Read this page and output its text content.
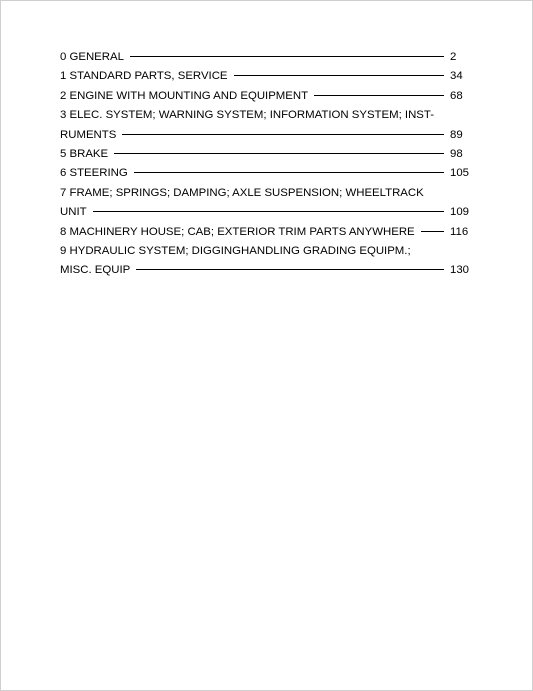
0 GENERAL	2
1 STANDARD PARTS, SERVICE	34
2 ENGINE WITH MOUNTING AND EQUIPMENT	68
3 ELEC. SYSTEM; WARNING SYSTEM; INFORMATION SYSTEM; INST-
RUMENTS	89
5 BRAKE	98
6 STEERING	105
7 FRAME; SPRINGS; DAMPING; AXLE SUSPENSION; WHEELTRACK
UNIT	109
8 MACHINERY HOUSE; CAB; EXTERIOR TRIM PARTS ANYWHERE	116
9 HYDRAULIC SYSTEM; DIGGINGHANDLING GRADING EQUIPM.;
MISC. EQUIP	130
